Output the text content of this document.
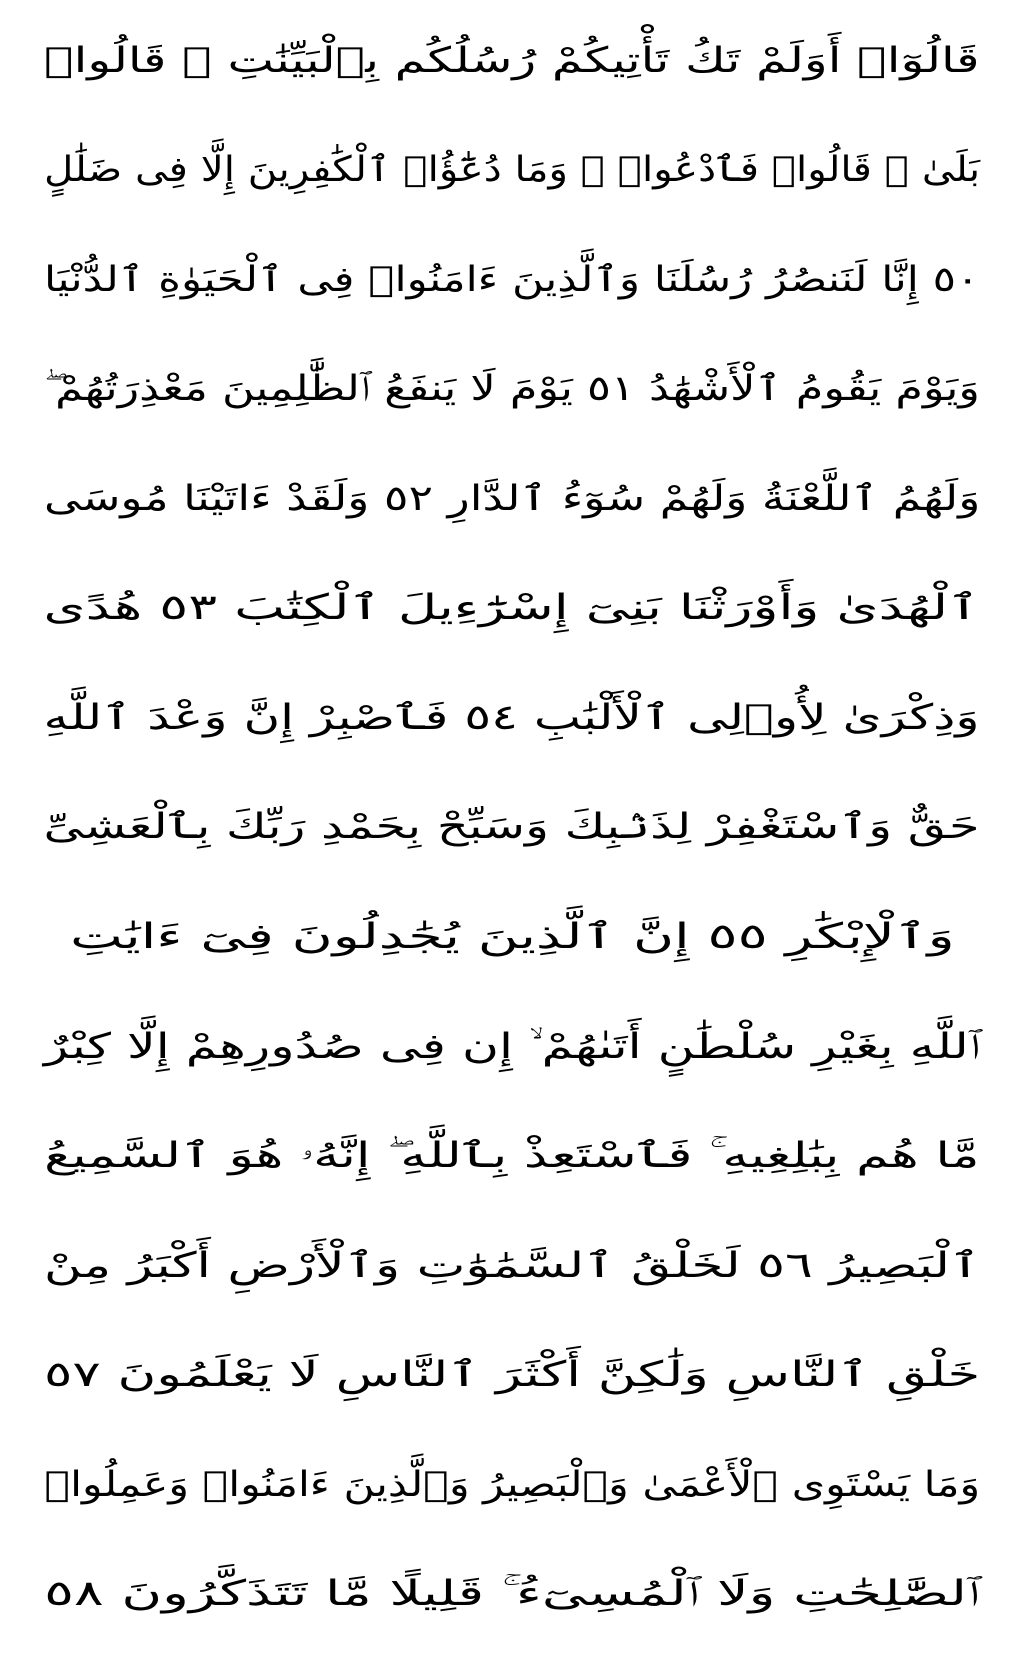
قَالُوٓا۟ أَوَلَمْ تَكُ تَأْتِيكُمْ رُسُلُكُم بِٱلْبَيِّنَٰتِ ۖ قَالُوا۟
بَلَىٰ ۚ قَالُوا۟ فَٱدْعُوا۟ ۗ وَمَا دُعَٰٓؤُا۟ ٱلْكَٰفِرِينَ إِلَّا فِى ضَلَٰلٍ
٥٠ إِنَّا لَنَنصُرُ رُسُلَنَا وَٱلَّذِينَ ءَامَنُوا۟ فِى ٱلْحَيَوٰةِ ٱلدُّنْيَا
وَيَوْمَ يَقُومُ ٱلْأَشْهَٰدُ ٥١ يَوْمَ لَا يَنفَعُ ٱلظَّٰلِمِينَ مَعْذِرَتُهُمْ ۖ
وَلَهُمُ ٱللَّعْنَةُ وَلَهُمْ سُوٓءُ ٱلدَّارِ ٥٢ وَلَقَدْ ءَاتَيْنَا مُوسَى
ٱلْهُدَىٰ وَأَوْرَثْنَا بَنِىٓ إِسْرَٰٓءِيلَ ٱلْكِتَٰبَ ٥٣ هُدًى
وَذِكْرَىٰ لِأُو۟لِى ٱلْأَلْبَٰبِ ٥٤ فَٱصْبِرْ إِنَّ وَعْدَ ٱللَّهِ
حَقٌّ وَٱسْتَغْفِرْ لِذَنۢبِكَ وَسَبِّحْ بِحَمْدِ رَبِّكَ بِٱلْعَشِىِّ
وَٱلْإِبْكَٰرِ ٥٥ إِنَّ ٱلَّذِينَ يُجَٰدِلُونَ فِىٓ ءَايَٰتِ
ٱللَّهِ بِغَيْرِ سُلْطَٰنٍ أَتَىٰهُمْ ۙ إِن فِى صُدُورِهِمْ إِلَّا كِبْرٌ
مَّا هُم بِبَٰلِغِيهِ ۚ فَٱسْتَعِذْ بِٱللَّهِ ۖ إِنَّهُۥ هُوَ ٱلسَّمِيعُ
ٱلْبَصِيرُ ٥٦ لَخَلْقُ ٱلسَّمَٰوَٰتِ وَٱلْأَرْضِ أَكْبَرُ مِنْ
خَلْقِ ٱلنَّاسِ وَلَٰكِنَّ أَكْثَرَ ٱلنَّاسِ لَا يَعْلَمُونَ ٥٧
وَمَا يَسْتَوِى ٱلْأَعْمَىٰ وَٱلْبَصِيرُ وَٱلَّذِينَ ءَامَنُوا۟ وَعَمِلُوا۟
ٱلصَّٰلِحَٰتِ وَلَا ٱلْمُسِىٓءُ ۚ قَلِيلًا مَّا تَتَذَكَّرُونَ ٥٨
